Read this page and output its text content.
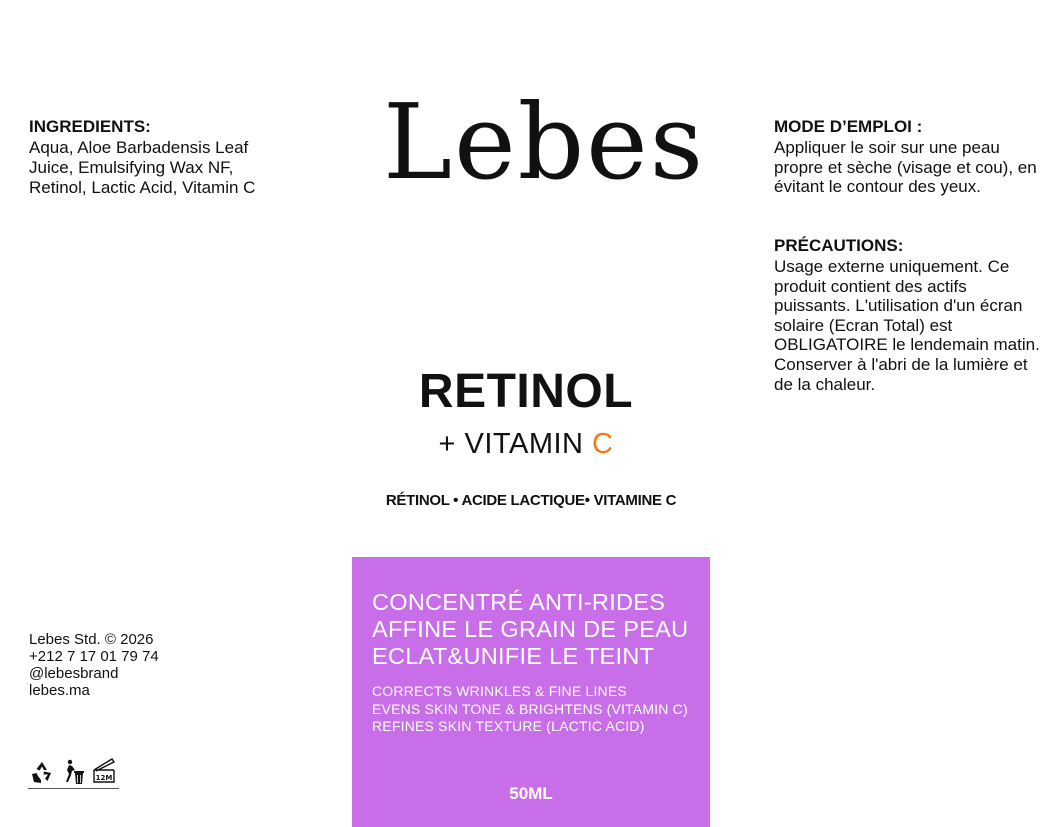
INGREDIENTS:
Aqua, Aloe Barbadensis Leaf Juice, Emulsifying Wax NF, Retinol, Lactic Acid, Vitamin C Lebes	MODE D’EMPLOI :
Appliquer le soir sur une peau propre et sèche (visage et cou), en évitant le contour des yeux.
PRÉCAUTIONS:
Usage externe uniquement. Ce produit contient des actifs puissants. L'utilisation d'un écran solaire (Ecran Total) est OBLIGATOIRE le lendemain matin. Conserver à l'abri de la lumière et de la chaleur.
RETINOL
+ VITAMIN C
RÉTINOL • ACIDE LACTIQUE• VITAMINE C
CONCENTRÉ ANTI-RIDES
AFFINE LE GRAIN DE PEAU
ECLAT&UNIFIE LE TEINT
CORRECTS WRINKLES & FINE LINES
EVENS SKIN TONE & BRIGHTENS (VITAMIN C)
REFINES SKIN TEXTURE (LACTIC ACID)
50ML
Lebes Std. © 2026
+212 7 17 01 79 74
@lebesbrand
lebes.ma
12M
